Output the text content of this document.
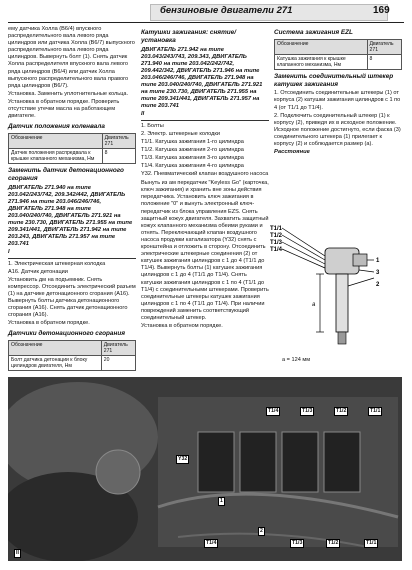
бензиновые двигатели 271	169

ему датчика Холла (B6/4) впускного распределительного вала левого ряда цилиндров или датчика Холла (B6/7) выпускного распределительного вала левого ряда цилиндров. Вывернуть болт (1). Снять датчик Холла распределителя впускного вала левого ряда цилиндров (B6/4) или датчик Холла выпускного распределительного вала правого ряда цилиндров (B6/7).

Установка. Заменить уплотнительные кольца.

Установка в обратном порядке. Проверить отсутствие утечки масла на работающем двигателе.

Датчик положения коленвала

Обозначение	Двигатель 271
Датчик положения распредвала к крышке клапанного механизма, Нм	8

Заменить датчик детонационного сгорания

ДВИГАТЕЛЬ 271.940 на типе 203.042/243/742, 209.342/442, ДВИГАТЕЛЬ 271.946 на типе 203.046/246/746, ДВИГАТЕЛЬ 271.948 на типе 203.040/240/740, ДВИГАТЕЛЬ 271.921 на типе 230.730, ДВИГАТЕЛЬ 271.955 на типе 209.341/441, ДВИГАТЕЛЬ 271.942 на типе 203.243, ДВИГАТЕЛЬ 271.957 на типе 203.741

I

1. Электрическая штекерная колодка

A16. Датчик детонации

Установить дм на подъемник. Снять компрессор. Отсоединить электрический разъем (1) на датчике детонационного сгорания (A16). Вывернуть болты датчика детонационного сгорания (A16). Снять датчик детонационного сгорания (A16).

Установка в обратном порядке.

Датчики детонационного сгорания

Обозначение	Двигатель 271
Болт датчика детонации к блоку цилиндров двигателя, Нм	20

Катушки зажигания: снятие/установка

ДВИГАТЕЛЬ 271.942 на типе 203.043/243/743, 209.343, ДВИГАТЕЛЬ 271.940 на типе 203.042/242/742, 209.442/342, ДВИГАТЕЛЬ 271.946 на типе 203.046/246/746, ДВИГАТЕЛЬ 271.948 на типе 203.040/240/740, ДВИГАТЕЛЬ 271.921 на типе 230.730, ДВИГАТЕЛЬ 271.955 на типе 209.341/441, ДВИГАТЕЛЬ 271.957 на типе 203.741

II

1. Болты

2. Электр. штекерные колодки

T1/1. Катушка зажигания 1-го цилиндра

T1/2. Катушка зажигания 2-го цилиндра

T1/3. Катушка зажигания 3-го цилиндра

T1/4. Катушка зажигания 4-го цилиндра

Y32. Пневматический клапан воздушного насоса

Вынуть из ам передатчик "Keyless Go" (карточка, ключ зажигания) и хранить вне зоны действия передатчика. Установить ключ зажигания в положение "0" и вынуть электронный ключ-передатчик из блока управления EZS. Снять защитный кожух двигателя. Захватить защитный кожух клапанного механизма обеими руками и отнять. Переключающий клапан воздушного насоса продувки катализатора (Y32) снять с кронштейна и отложить в сторону. Отсоединить электрические штекерные соединения (2) от катушек зажигания цилиндров с 1 до 4 (T1/1 до T1/4). Вывернуть болты (1) катушек зажигания цилиндров с 1 до 4 (T1/1 до T1/4). Снять катушки зажигания цилиндров с 1 по 4 (T1/1 до T1/4) с соединительными штекерами. Проверить соединительные штекеры катушек зажигания цилиндров с 1 по 4 (T1/1 до T1/4). При наличии повреждений заменить соответствующий соединительный штекер.

Установка в обратном порядке.

Система зажигания EZL

Обозначение	Двигатель 271
Катушка зажигания к крышке клапанного механизма, Нм	8

Заменить соединительный штекер катушек зажигания

1. Отсоединить соединительные штекеры (1) от корпуса (2) катушки зажигания цилиндров с 1 по 4 (от T1/1 до T1/4).

2. Подключить соединительный штекер (1) к корпусу (2), приведя их в исходное положение. Исходное положение достигнуто, если фаска (3) соединительного штекера (1) прилегает к корпусу (2) и соблюдается размер (a).

Расстояние

T1/1
T1/2
T1/3
T1/4
1
3
2
a
a = 124 мм
T1/4	T1/3	T1/2	T1/1
Y32
1
2
T1/4	T1/3	T1/2	T1/1
II
